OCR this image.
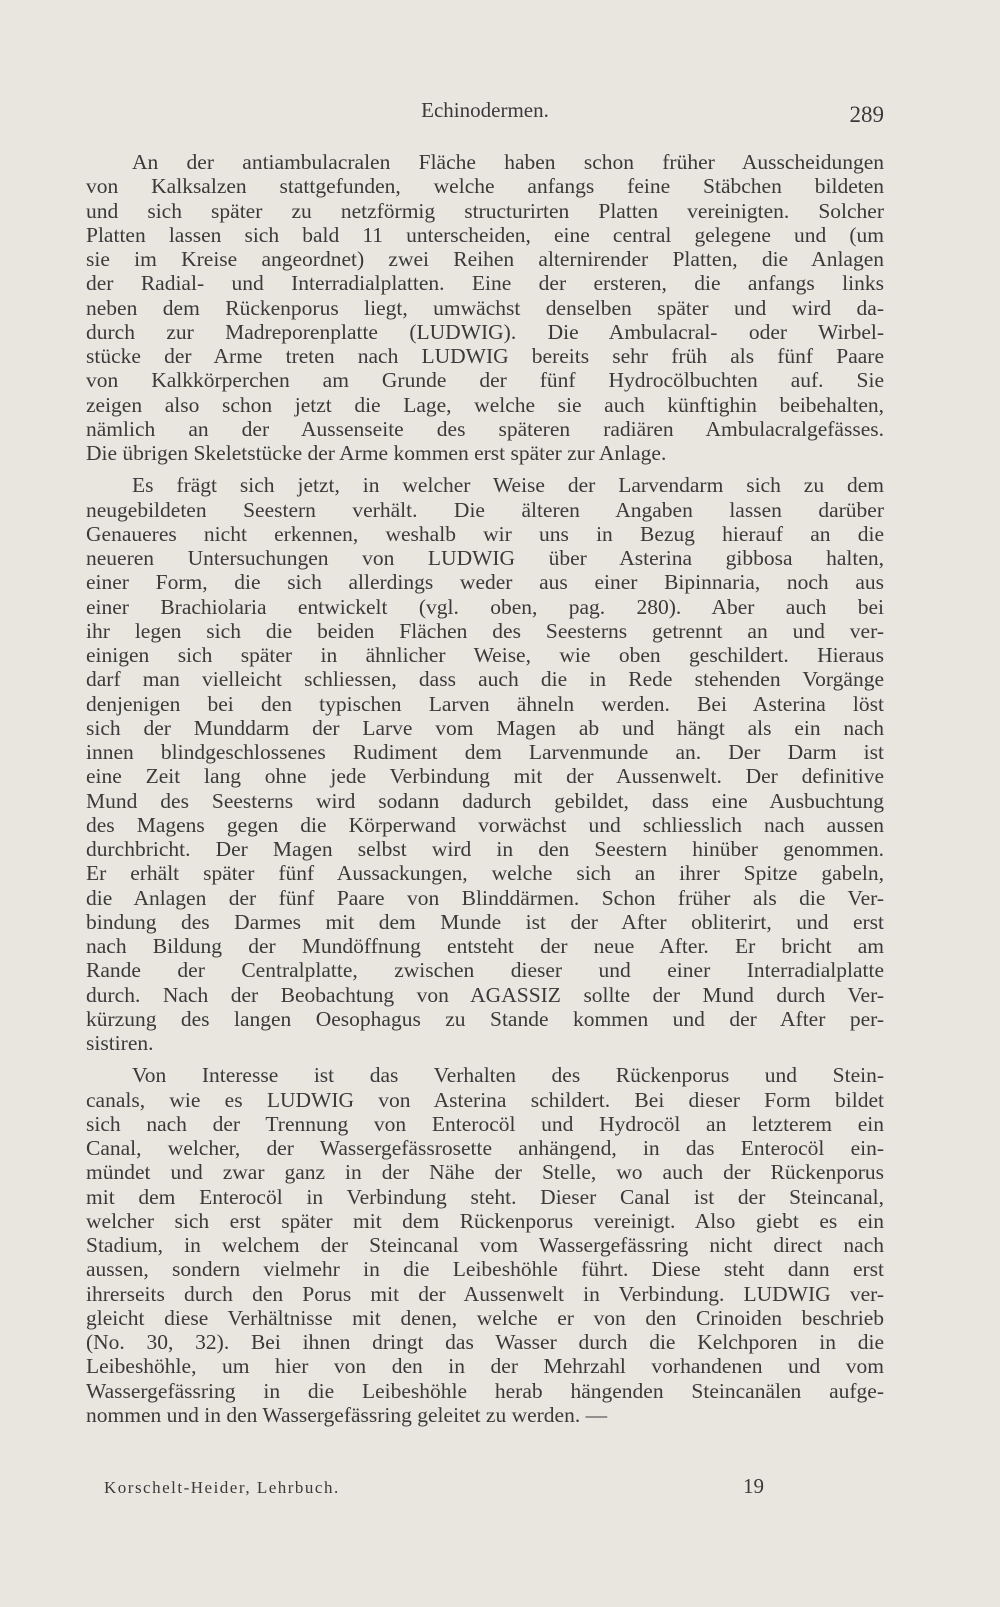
Echinodermen.	289
An der antiambulacralen Fläche haben schon früher Ausscheidungen
von Kalksalzen stattgefunden, welche anfangs feine Stäbchen bildeten
und sich später zu netzförmig structurirten Platten vereinigten. Solcher
Platten lassen sich bald 11 unterscheiden, eine central gelegene und (um
sie im Kreise angeordnet) zwei Reihen alternirender Platten, die Anlagen
der Radial- und Interradialplatten. Eine der ersteren, die anfangs links
neben dem Rückenporus liegt, umwächst denselben später und wird da-
durch zur Madreporenplatte (LUDWIG). Die Ambulacral- oder Wirbel-
stücke der Arme treten nach LUDWIG bereits sehr früh als fünf Paare
von Kalkkörperchen am Grunde der fünf Hydrocölbuchten auf. Sie
zeigen also schon jetzt die Lage, welche sie auch künftighin beibehalten,
nämlich an der Aussenseite des späteren radiären Ambulacralgefässes.
Die übrigen Skeletstücke der Arme kommen erst später zur Anlage.
Es frägt sich jetzt, in welcher Weise der Larvendarm sich zu dem
neugebildeten Seestern verhält. Die älteren Angaben lassen darüber
Genaueres nicht erkennen, weshalb wir uns in Bezug hierauf an die
neueren Untersuchungen von LUDWIG über Asterina gibbosa halten,
einer Form, die sich allerdings weder aus einer Bipinnaria, noch aus
einer Brachiolaria entwickelt (vgl. oben, pag. 280). Aber auch bei
ihr legen sich die beiden Flächen des Seesterns getrennt an und ver-
einigen sich später in ähnlicher Weise, wie oben geschildert. Hieraus
darf man vielleicht schliessen, dass auch die in Rede stehenden Vorgänge
denjenigen bei den typischen Larven ähneln werden. Bei Asterina löst
sich der Munddarm der Larve vom Magen ab und hängt als ein nach
innen blindgeschlossenes Rudiment dem Larvenmunde an. Der Darm ist
eine Zeit lang ohne jede Verbindung mit der Aussenwelt. Der definitive
Mund des Seesterns wird sodann dadurch gebildet, dass eine Ausbuchtung
des Magens gegen die Körperwand vorwächst und schliesslich nach aussen
durchbricht. Der Magen selbst wird in den Seestern hinüber genommen.
Er erhält später fünf Aussackungen, welche sich an ihrer Spitze gabeln,
die Anlagen der fünf Paare von Blinddärmen. Schon früher als die Ver-
bindung des Darmes mit dem Munde ist der After obliterirt, und erst
nach Bildung der Mundöffnung entsteht der neue After. Er bricht am
Rande der Centralplatte, zwischen dieser und einer Interradialplatte
durch. Nach der Beobachtung von AGASSIZ sollte der Mund durch Ver-
kürzung des langen Oesophagus zu Stande kommen und der After per-
sistiren.
Von Interesse ist das Verhalten des Rückenporus und Stein-
canals, wie es LUDWIG von Asterina schildert. Bei dieser Form bildet
sich nach der Trennung von Enterocöl und Hydrocöl an letzterem ein
Canal, welcher, der Wassergefässrosette anhängend, in das Enterocöl ein-
mündet und zwar ganz in der Nähe der Stelle, wo auch der Rückenporus
mit dem Enterocöl in Verbindung steht. Dieser Canal ist der Steincanal,
welcher sich erst später mit dem Rückenporus vereinigt. Also giebt es ein
Stadium, in welchem der Steincanal vom Wassergefässring nicht direct nach
aussen, sondern vielmehr in die Leibeshöhle führt. Diese steht dann erst
ihrerseits durch den Porus mit der Aussenwelt in Verbindung. LUDWIG ver-
gleicht diese Verhältnisse mit denen, welche er von den Crinoiden beschrieb
(No. 30, 32). Bei ihnen dringt das Wasser durch die Kelchporen in die
Leibeshöhle, um hier von den in der Mehrzahl vorhandenen und vom
Wassergefässring in die Leibeshöhle herab hängenden Steincanälen aufge-
nommen und in den Wassergefässring geleitet zu werden. —
Korschelt-Heider, Lehrbuch.	19
